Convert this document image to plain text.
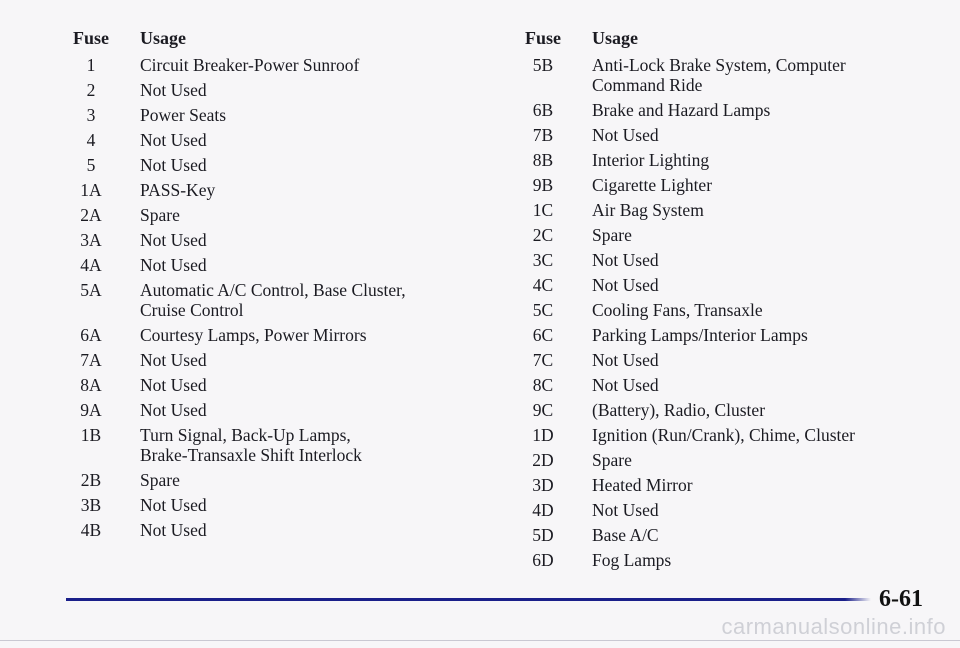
Fuse	Usage
1	Circuit Breaker-Power Sunroof
2	Not Used
3	Power Seats
4	Not Used
5	Not Used
1A	PASS-Key
2A	Spare
3A	Not Used
4A	Not Used
5A	Automatic A/C Control, Base Cluster,
Cruise Control
6A	Courtesy Lamps, Power Mirrors
7A	Not Used
8A	Not Used
9A	Not Used
1B	Turn Signal, Back-Up Lamps,
Brake-Transaxle Shift Interlock
2B	Spare
3B	Not Used
4B	Not Used
Fuse	Usage
5B	Anti-Lock Brake System, Computer
Command Ride
6B	Brake and Hazard Lamps
7B	Not Used
8B	Interior Lighting
9B	Cigarette Lighter
1C	Air Bag System
2C	Spare
3C	Not Used
4C	Not Used
5C	Cooling Fans, Transaxle
6C	Parking Lamps/Interior Lamps
7C	Not Used
8C	Not Used
9C	(Battery), Radio, Cluster
1D	Ignition (Run/Crank), Chime, Cluster
2D	Spare
3D	Heated Mirror
4D	Not Used
5D	Base A/C
6D	Fog Lamps
6-61
carmanualsonline.info
